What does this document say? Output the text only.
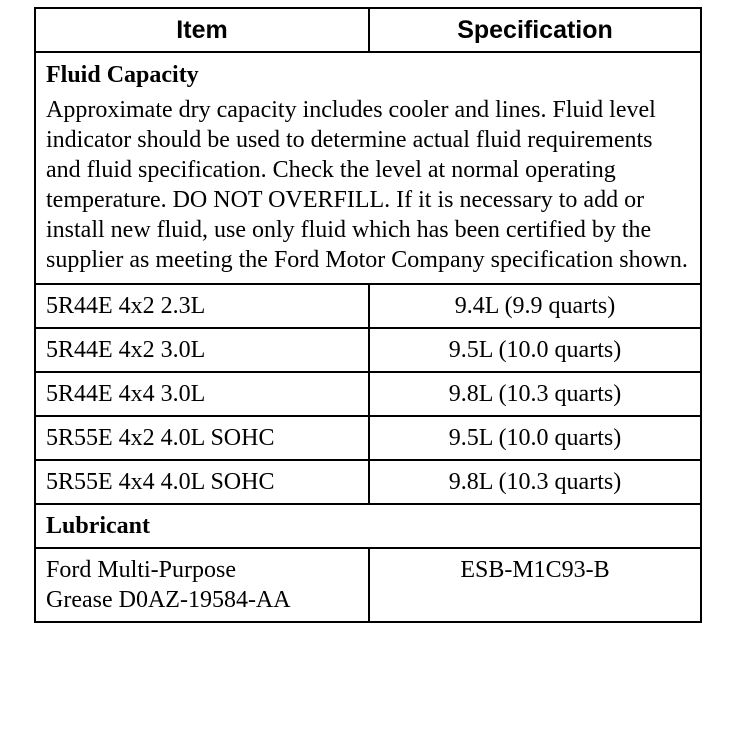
Item	Specification

Fluid Capacity
Approximate dry capacity includes cooler and lines. Fluid level indicator should be used to determine actual fluid requirements and fluid specification. Check the level at normal operating temperature. DO NOT OVERFILL. If it is necessary to add or install new fluid, use only fluid which has been certified by the supplier as meeting the Ford Motor Company specification shown.	

5R44E 4x2 2.3L	9.4L (9.9 quarts)
5R44E 4x2 3.0L	9.5L (10.0 quarts)
5R44E 4x4 3.0L	9.8L (10.3 quarts)
5R55E 4x2 4.0L SOHC	9.5L (10.0 quarts)
5R55E 4x4 4.0L SOHC	9.8L (10.3 quarts)
Lubricant	

Ford Multi-Purpose
Grease D0AZ-19584-AA	ESB-M1C93-B
